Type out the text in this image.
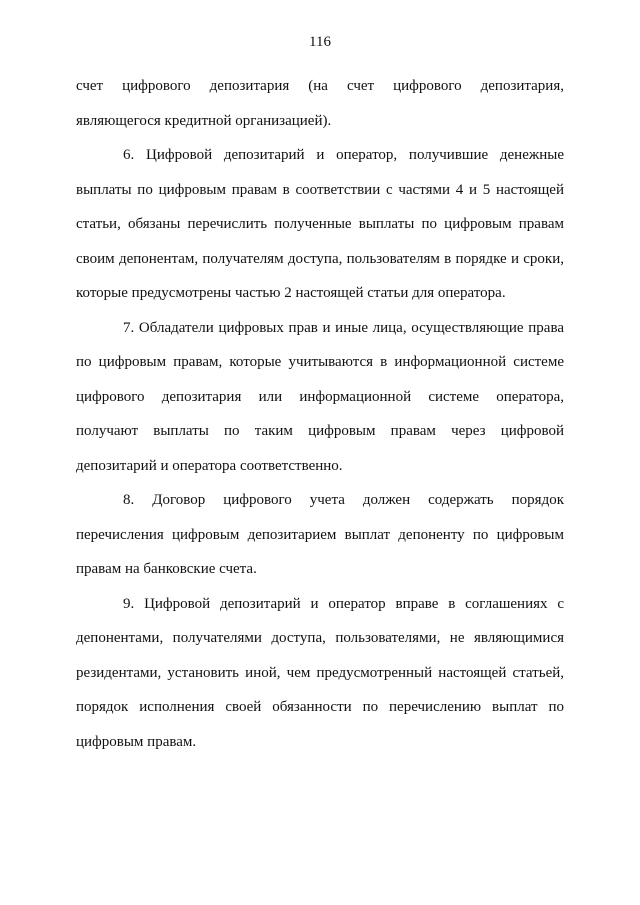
116
счет цифрового депозитария (на счет цифрового депозитария,
являющегося кредитной организацией).
6. Цифровой депозитарий и оператор, получившие денежные
выплаты по цифровым правам в соответствии с частями 4 и 5 настоящей
статьи, обязаны перечислить полученные выплаты по цифровым правам
своим депонентам, получателям доступа, пользователям в порядке и сроки,
которые предусмотрены частью 2 настоящей статьи для оператора.
7. Обладатели цифровых прав и иные лица, осуществляющие права
по цифровым правам, которые учитываются в информационной системе
цифрового депозитария или информационной системе оператора,
получают выплаты по таким цифровым правам через цифровой
депозитарий и оператора соответственно.
8. Договор цифрового учета должен содержать порядок
перечисления цифровым депозитарием выплат депоненту по цифровым
правам на банковские счета.
9. Цифровой депозитарий и оператор вправе в соглашениях с
депонентами, получателями доступа, пользователями, не являющимися
резидентами, установить иной, чем предусмотренный настоящей статьей,
порядок исполнения своей обязанности по перечислению выплат по
цифровым правам.
